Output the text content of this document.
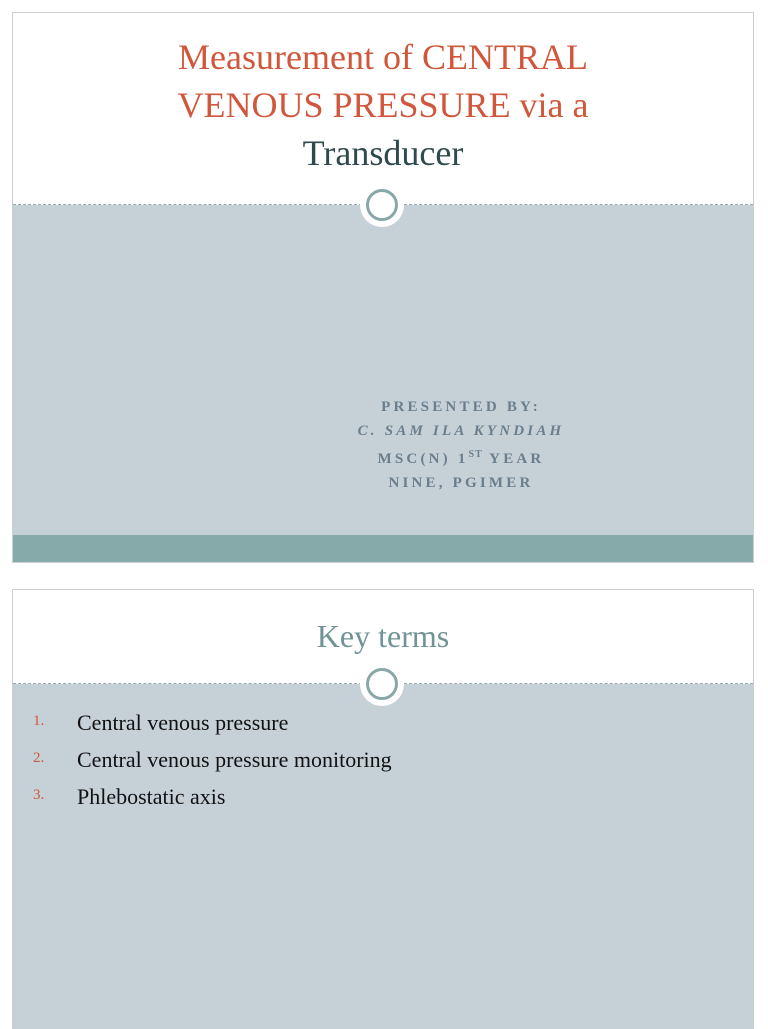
Measurement of CENTRAL
VENOUS PRESSURE via a
Transducer
PRESENTED BY:
C. SAM ILA KYNDIAH
MSC(N) 1ST YEAR
NINE, PGIMER
Key terms
1. Central venous pressure
2. Central venous pressure monitoring
3. Phlebostatic axis
